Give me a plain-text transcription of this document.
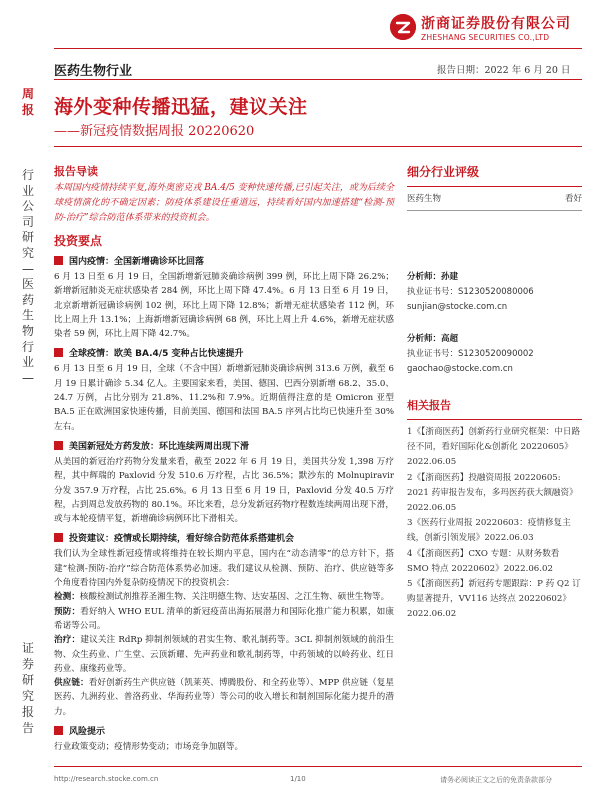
浙商证券股份有限公司
ZHESHANG SECURITIES CO.,LTD
医药生物行业	报告日期：2022 年 6 月 20 日
周报
行业公司研究—医药生物行业—
证券研究报告
海外变种传播迅猛，建议关注
——新冠疫情数据周报 20220620
报告导读

本周国内疫情持续平复,海外奥密克戎 BA.4/5 变种快速传播,已引起关注，或为后续全球疫情演化的不确定因素；防疫体系建设任重道远，持续看好国内加速搭建“检测-预防-治疗”综合防范体系带来的投资机会。

投资要点
国内疫情：全国新增确诊环比回落

6 月 13 日至 6 月 19 日，全国新增新冠肺炎确诊病例 399 例，环比上周下降 26.2%；新增新冠肺炎无症状感染者 284 例，环比上周下降 47.4%。6 月 13 日至 6 月 19 日，北京新增新冠确诊病例 102 例，环比上周下降 12.8%；新增无症状感染者 112 例，环比上周上升 13.1%；上海新增新冠确诊病例 68 例，环比上周上升 4.6%，新增无症状感染者 59 例，环比上周下降 42.7%。

全球疫情：欧美 BA.4/5 变种占比快速提升

6 月 13 日至 6 月 19 日，全球（不含中国）新增新冠肺炎确诊病例 313.6 万例，截至 6 月 19 日累计确诊 5.34 亿人。主要国家来看，美国、德国、巴西分别新增 68.2、35.0、24.7 万例，占比分别为 21.8%、11.2%和 7.9%。近期值得注意的是 Omicron 亚型 BA.5 正在欧洲国家快速传播，目前美国、德国和法国 BA.5 序列占比均已快速升至 30%左右。

美国新冠处方药发放：环比连续两周出现下滑

从美国的新冠治疗药物分发量来看，截至 2022 年 6 月 19 日，美国共分发 1,398 万疗程，其中辉瑞的 Paxlovid 分发 510.6 万疗程，占比 36.5%；默沙东的 Molnupiravir 分发 357.9 万疗程，占比 25.6%。6 月 13 日至 6 月 19 日，Paxlovid 分发 40.5 万疗程，占到周总发放药物的 80.1%。环比来看，总分发新冠药物疗程数连续两周出现下滑，或与本轮疫情平复，新增确诊病例环比下滑相关。

投资建议：疫情或长期持续，看好综合防范体系搭建机会

我们认为全球性新冠疫情或将维持在较长期内平息，国内在“动态清零”的总方针下，搭建“检测-预防-治疗”综合防范体系势必加速。我们建议从检测、预防、治疗、供应链等多个角度看待国内外复杂防疫情况下的投资机会：

检测：核酸检测试剂推荐圣湘生物、关注明德生物、达安基因、之江生物、硕世生物等。

预防：看好纳入 WHO EUL 清单的新冠疫苗出海拓展潜力和国际化推广能力积累，如康希诺等公司。

治疗：建议关注 RdRp 抑制剂领域的君实生物、歌礼制药等。3CL 抑制剂领域的前沿生物、众生药业、广生堂、云顶新耀、先声药业和歌礼制药等，中药领域的以岭药业、红日药业、康缘药业等。

供应链：看好创新药生产供应链（凯莱英、博腾股份、和全药业等）、MPP 供应链（复星医药、九洲药业、普洛药业、华海药业等）等公司的收入增长和制剂国际化能力提升的潜力。

风险提示

行业政策变动；疫情形势变动；市场竞争加剧等。

细分行业评级
医药生物	看好

分析师：孙建

执业证书号：S1230520080006

sunjian@stocke.com.cn

分析师：高超

执业证书号：S1230520090002

gaochao@stocke.com.cn

相关报告
1《【浙商医药】创新药行业研究框架：中日路径不同，看好国际化&创新化 20220605》2022.06.05
2《【浙商医药】投融资周报 20220605: 2021 药审报告发布，多玛医药获大额融资》2022.06.05
3《医药行业周报 20220603：疫情修复主线，创新引领发展》2022.06.03
4《【浙商医药】CXO 专题：从财务数看 SMO 特点 20220602》2022.06.02
5《【浙商医药】新冠药专题跟踪：P 药 Q2 订购显著提升，VV116 达终点 20220602》2022.06.02
http://research.stocke.com.cn	1/10	请务必阅读正文之后的免责条款部分
